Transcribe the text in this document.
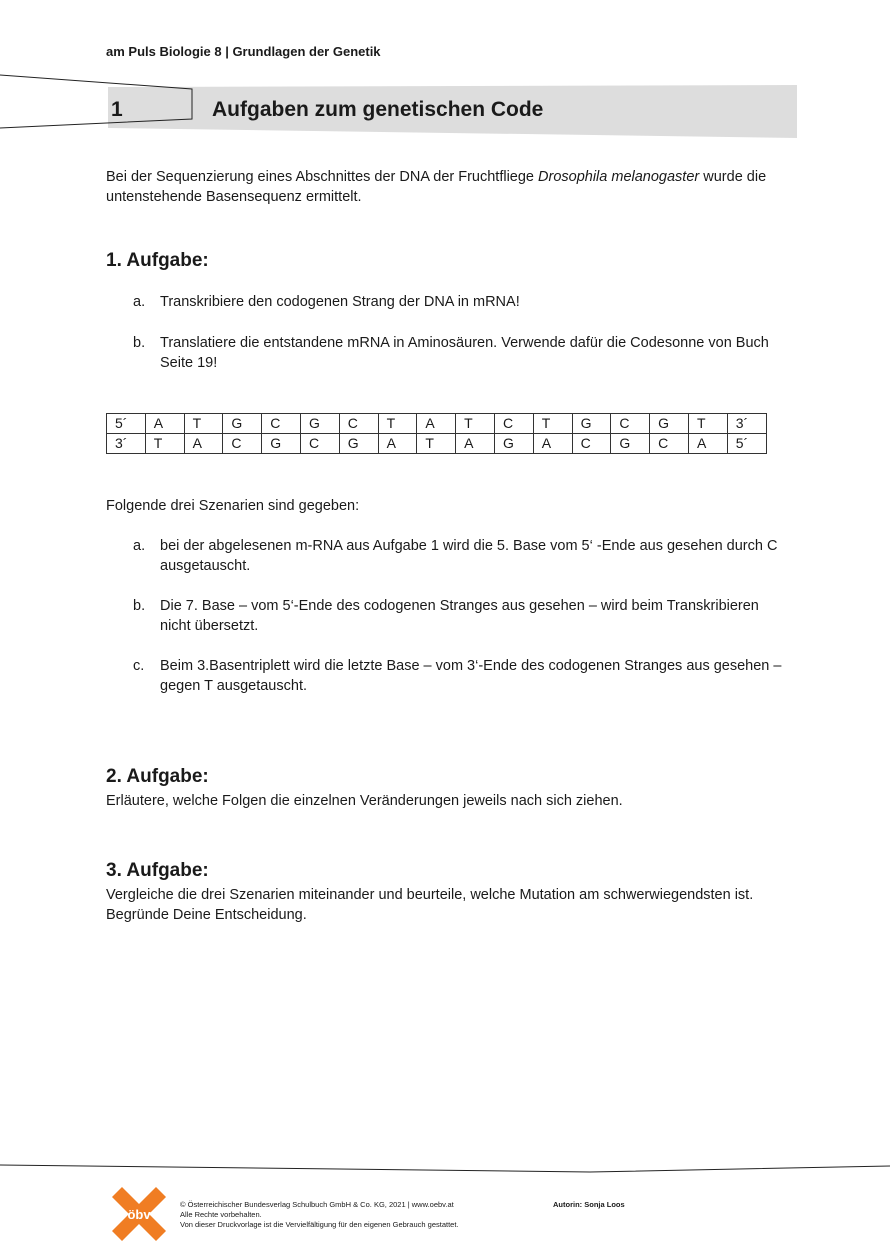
am Puls Biologie 8 | Grundlagen der Genetik
1	Aufgaben zum genetischen Code
Bei der Sequenzierung eines Abschnittes der DNA der Fruchtfliege Drosophila melanogaster wurde die untenstehende Basensequenz ermittelt.
1. Aufgabe:
a. Transkribiere den codogenen Strang der DNA in mRNA!
b. Translatiere die entstandene mRNA in Aminosäuren. Verwende dafür die Codesonne von Buch Seite 19!
5´	A	T	G	C	G	C	T	A	T	C	T	G	C	G	T	3´
3´	T	A	C	G	C	G	A	T	A	G	A	C	G	C	A	5´
Folgende drei Szenarien sind gegeben:
a. bei der abgelesenen m-RNA aus Aufgabe 1 wird die 5. Base vom 5‘ -Ende aus gesehen durch C ausgetauscht.
b. Die 7. Base – vom 5‘-Ende des codogenen Stranges aus gesehen – wird beim Transkribieren nicht übersetzt.
c. Beim 3.Basentriplett wird die letzte Base – vom 3‘-Ende des codogenen Stranges aus gesehen – gegen T ausgetauscht.
2. Aufgabe:
Erläutere, welche Folgen die einzelnen Veränderungen jeweils nach sich ziehen.
3. Aufgabe:
Vergleiche die drei Szenarien miteinander und beurteile, welche Mutation am schwerwiegendsten ist. Begründe Deine Entscheidung.
öbv
© Österreichischer Bundesverlag Schulbuch GmbH & Co. KG, 2021 | www.oebv.at
Alle Rechte vorbehalten.
Von dieser Druckvorlage ist die Vervielfältigung für den eigenen Gebrauch gestattet.
Autorin: Sonja Loos
